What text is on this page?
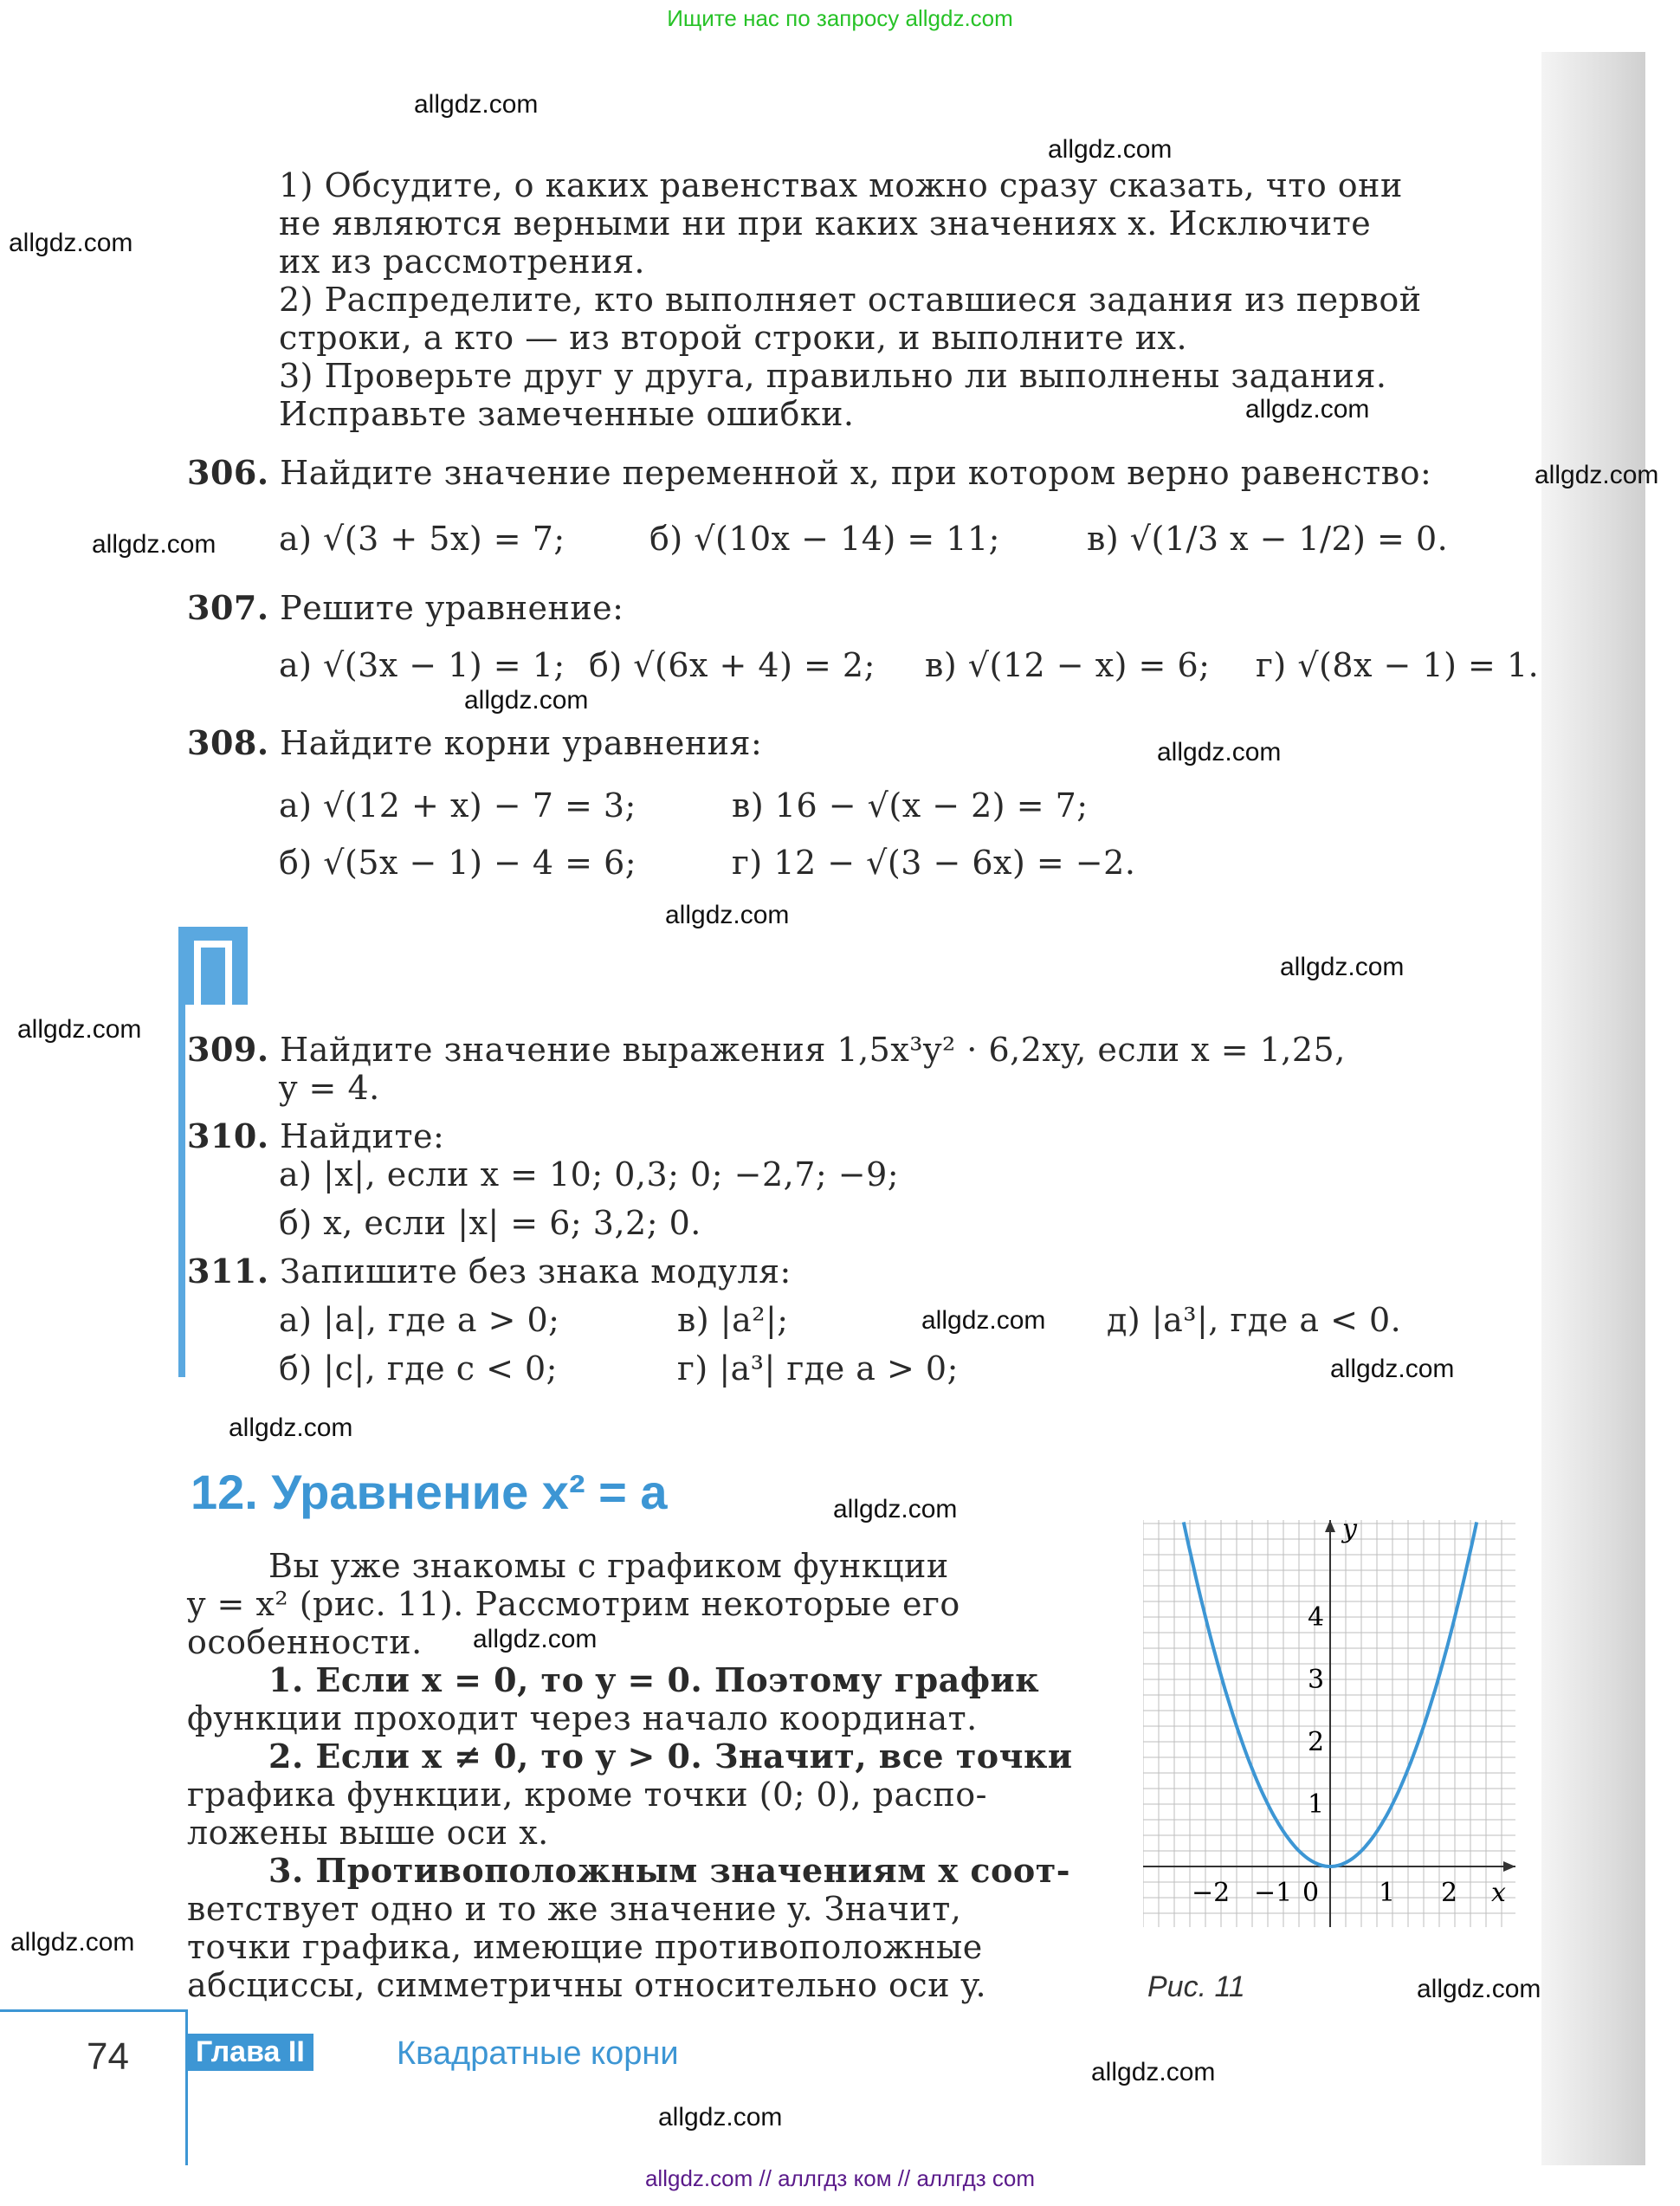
Ищите нас по запросу allgdz.com
1) Обсудите, о каких равенствах можно сразу сказать, что они
не являются верными ни при каких значениях x. Исключите
их из рассмотрения.
2) Распределите, кто выполняет оставшиеся задания из первой
строки, а кто — из второй строки, и выполните их.
3) Проверьте друг у друга, правильно ли выполнены задания.
Исправьте замеченные ошибки.
306. Найдите значение переменной x, при котором верно равенство:
а) √(3 + 5x) = 7;	б) √(10x − 14) = 11;	в) √(1/3 x − 1/2) = 0.
307. Решите уравнение:
а) √(3x − 1) = 1; б) √(6x + 4) = 2; в) √(12 − x) = 6; г) √(8x − 1) = 1.
308. Найдите корни уравнения:
а) √(12 + x) − 7 = 3;	в) 16 − √(x − 2) = 7;
б) √(5x − 1) − 4 = 6;	г) 12 − √(3 − 6x) = −2.
309. Найдите значение выражения 1,5x³y² · 6,2xy, если x = 1,25,
y = 4.
310. Найдите:
а) |x|, если x = 10; 0,3; 0; −2,7; −9;
б) x, если |x| = 6; 3,2; 0.
311. Запишите без знака модуля:
а) |a|, где a > 0;	в) |a²|;	д) |a³|, где a < 0.
б) |c|, где c < 0;	г) |a³| где a > 0;
12. Уравнение x² = a
Вы уже знакомы с графиком функции
y = x² (рис. 11). Рассмотрим некоторые его
особенности.
1. Если x = 0, то y = 0. Поэтому график
функции проходит через начало координат.
2. Если x ≠ 0, то y > 0. Значит, все точки
графика функции, кроме точки (0; 0), распо-
ложены выше оси x.
3. Противоположным значениям x соот-
ветствует одно и то же значение y. Значит,
точки графика, имеющие противоположные
абсциссы, симметричны относительно оси y.
y
x
−2 −1 0 1 2
1
2
3
4
Рис. 11
74 Глава II	Квадратные корни
allgdz.com
allgdz.com
allgdz.com
allgdz.com
allgdz.com
allgdz.com
allgdz.com
allgdz.com
allgdz.com
allgdz.com
allgdz.com
allgdz.com
allgdz.com
allgdz.com
allgdz.com
allgdz.com
allgdz.com
allgdz.com
allgdz.com
allgdz.com
allgdz.com // аллгдз ком // аллгдз com
